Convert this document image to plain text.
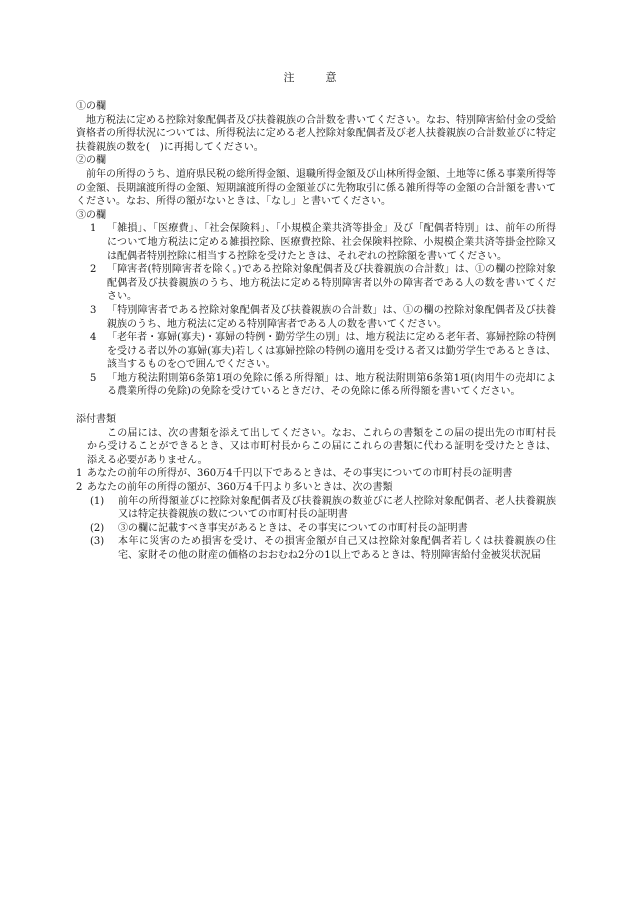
注　意

①の欄

地方税法に定める控除対象配偶者及び扶養親族の合計数を書いてください。なお、特別障害給付金の受給資格者の所得状況については、所得税法に定める老人控除対象配偶者及び老人扶養親族の合計数並びに特定扶養親族の数を(　)に再掲してください。

②の欄

前年の所得のうち、道府県民税の総所得金額、退職所得金額及び山林所得金額、土地等に係る事業所得等の金額、長期譲渡所得の金額、短期譲渡所得の金額並びに先物取引に係る雑所得等の金額の合計額を書いてください。なお、所得の額がないときは、「なし」と書いてください。

③の欄

1 「雑損」、「医療費」、「社会保険料」、「小規模企業共済等掛金」及び「配偶者特別」は、前年の所得について地方税法に定める雑損控除、医療費控除、社会保険料控除、小規模企業共済等掛金控除又は配偶者特別控除に相当する控除を受けたときは、それぞれの控除額を書いてください。
2 「障害者(特別障害者を除く。)である控除対象配偶者及び扶養親族の合計数」は、①の欄の控除対象配偶者及び扶養親族のうち、地方税法に定める特別障害者以外の障害者である人の数を書いてください。
3 「特別障害者である控除対象配偶者及び扶養親族の合計数」は、①の欄の控除対象配偶者及び扶養親族のうち、地方税法に定める特別障害者である人の数を書いてください。
4 「老年者・寡婦(寡夫)・寡婦の特例・勤労学生の別」は、地方税法に定める老年者、寡婦控除の特例を受ける者以外の寡婦(寡夫)若しくは寡婦控除の特例の適用を受ける者又は勤労学生であるときは、該当するものを○で囲んでください。
5 「地方税法附則第6条第1項の免除に係る所得額」は、地方税法附則第6条第1項(肉用牛の売却による農業所得の免除)の免除を受けているときだけ、その免除に係る所得額を書いてください。

添付書類

この届には、次の書類を添えて出してください。なお、これらの書類をこの届の提出先の市町村長から受けることができるとき、又は市町村長からこの届にこれらの書類に代わる証明を受けたときは、添える必要がありません。
1 あなたの前年の所得が、360万4千円以下であるときは、その事実についての市町村長の証明書
2 あなたの前年の所得の額が、360万4千円より多いときは、次の書類
(1) 前年の所得額並びに控除対象配偶者及び扶養親族の数並びに老人控除対象配偶者、老人扶養親族又は特定扶養親族の数についての市町村長の証明書
(2) ③の欄に記載すべき事実があるときは、その事実についての市町村長の証明書
(3) 本年に災害のため損害を受け、その損害金額が自己又は控除対象配偶者若しくは扶養親族の住宅、家財その他の財産の価格のおおむね2分の1以上であるときは、特別障害給付金被災状況届
